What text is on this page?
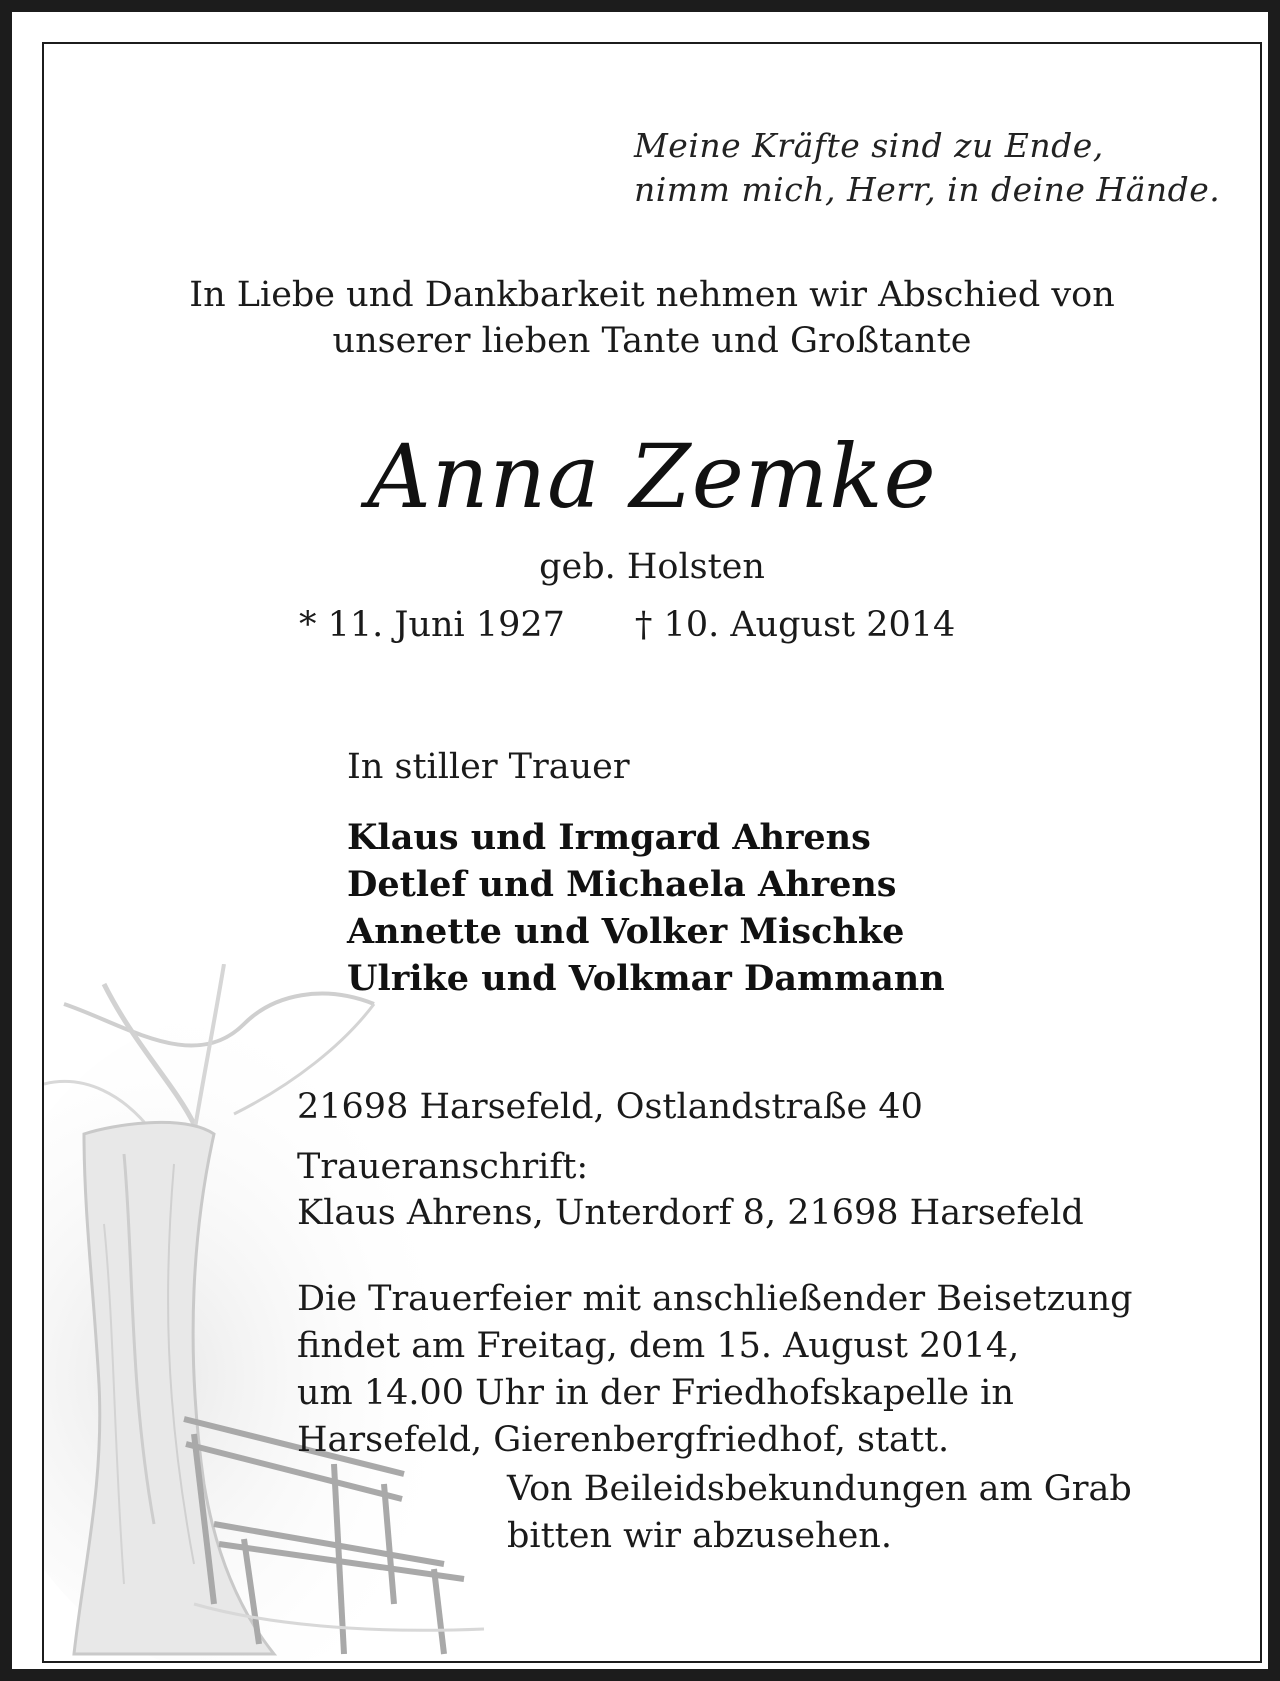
Meine Kräfte sind zu Ende,
nimm mich, Herr, in deine Hände.
In Liebe und Dankbarkeit nehmen wir Abschied von
unserer lieben Tante und Großtante
Anna Zemke
geb. Holsten
* 11. Juni 1927 † 10. August 2014
In stiller Trauer
Klaus und Irmgard Ahrens
Detlef und Michaela Ahrens
Annette und Volker Mischke
Ulrike und Volkmar Dammann
21698 Harsefeld, Ostlandstraße 40
Traueranschrift:
Klaus Ahrens, Unterdorf 8, 21698 Harsefeld
Die Trauerfeier mit anschließender Beisetzung
findet am Freitag, dem 15. August 2014,
um 14.00 Uhr in der Friedhofskapelle in
Harsefeld, Gierenbergfriedhof, statt.
Von Beileidsbekundungen am Grab
bitten wir abzusehen.
